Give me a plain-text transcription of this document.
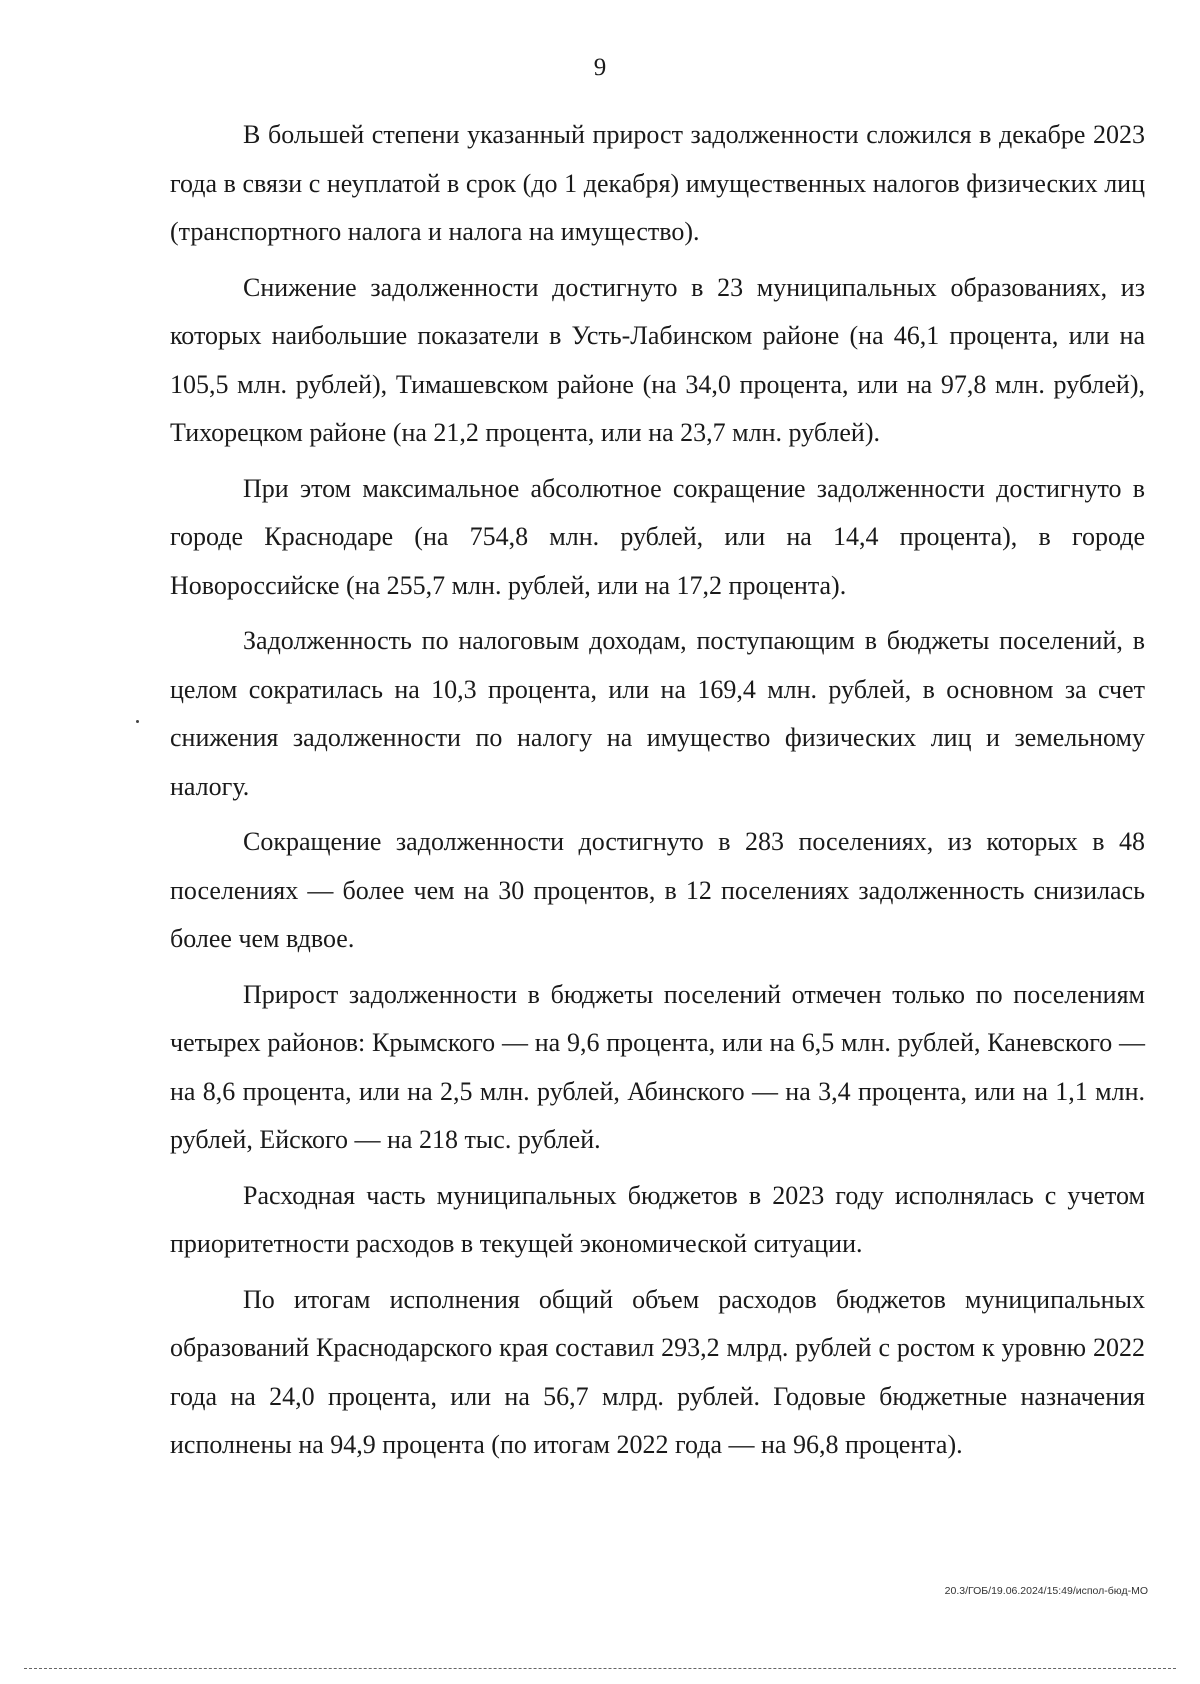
9

В большей степени указанный прирост задолженности сложился в декабре 2023 года в связи с неуплатой в срок (до 1 декабря) имущественных налогов физических лиц (транспортного налога и налога на имущество).

Снижение задолженности достигнуто в 23 муниципальных образованиях, из которых наибольшие показатели в Усть-Лабинском районе (на 46,1 процента, или на 105,5 млн. рублей), Тимашевском районе (на 34,0 процента, или на 97,8 млн. рублей), Тихорецком районе (на 21,2 процента, или на 23,7 млн. рублей).

При этом максимальное абсолютное сокращение задолженности достигнуто в городе Краснодаре (на 754,8 млн. рублей, или на 14,4 процента), в городе Новороссийске (на 255,7 млн. рублей, или на 17,2 процента).

Задолженность по налоговым доходам, поступающим в бюджеты поселений, в целом сократилась на 10,3 процента, или на 169,4 млн. рублей, в основном за счет снижения задолженности по налогу на имущество физических лиц и земельному налогу.

Сокращение задолженности достигнуто в 283 поселениях, из которых в 48 поселениях — более чем на 30 процентов, в 12 поселениях задолженность снизилась более чем вдвое.

Прирост задолженности в бюджеты поселений отмечен только по поселениям четырех районов: Крымского — на 9,6 процента, или на 6,5 млн. рублей, Каневского — на 8,6 процента, или на 2,5 млн. рублей, Абинского — на 3,4 процента, или на 1,1 млн. рублей, Ейского — на 218 тыс. рублей.

Расходная часть муниципальных бюджетов в 2023 году исполнялась с учетом приоритетности расходов в текущей экономической ситуации.

По итогам исполнения общий объем расходов бюджетов муниципальных образований Краснодарского края составил 293,2 млрд. рублей с ростом к уровню 2022 года на 24,0 процента, или на 56,7 млрд. рублей. Годовые бюджетные назначения исполнены на 94,9 процента (по итогам 2022 года — на 96,8 процента).

20.3/ГОБ/19.06.2024/15:49/испол-бюд-МО
